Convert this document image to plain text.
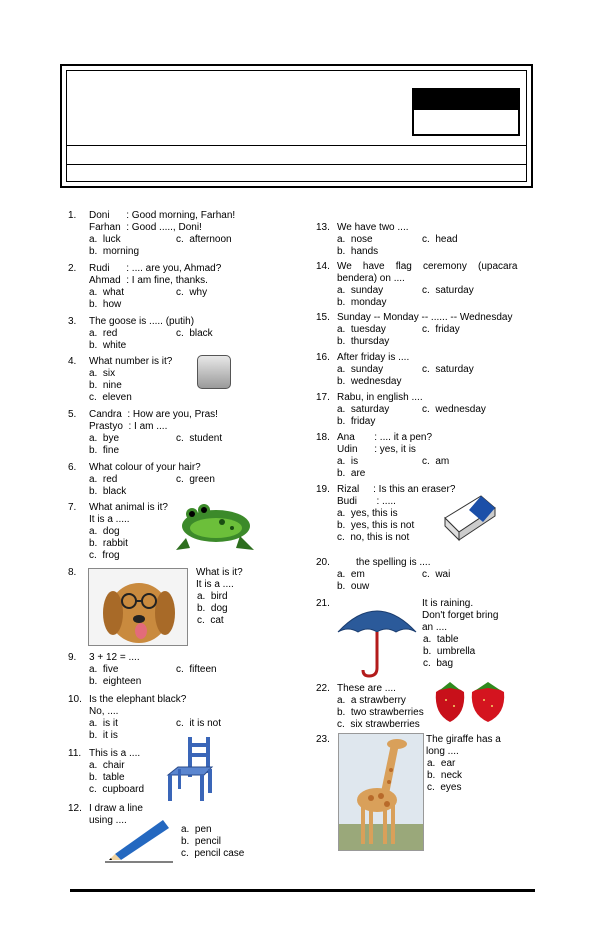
1. Doni      : Good morning, Farhan!
Farhan  : Good ....., Doni!
a.  luck	c.  afternoon
b.  morning
2. Rudi      : .... are you, Ahmad?
Ahmad  : I am fine, thanks.
a.  what	c.  why
b.  how
3. The goose is ..... (putih)
a.  red	c.  black
b.  white
4. What number is it?
a.  six
b.  nine
c.  eleven
5. Candra  : How are you, Pras!
Prastyo  : I am ....
a.  bye	c.  student
b.  fine
6. What colour of your hair?
a.  red	c.  green
b.  black
7. What animal is it?
It is a .....
a.  dog
b.  rabbit
c.  frog
8.	What is it?
It is a ....
a.  bird
b.  dog
c.  cat
9. 3 + 12 = ....
a.  five	c.  fifteen
b.  eighteen
10. Is the elephant black?
No, ....
a.  is it	c.  it is not
b.  it is
11. This is a ....
a.  chair
b.  table
c.  cupboard
12. I draw a line
using ....
a.  pen
b.  pencil
c.  pencil case
13. We have two ....
a.  nose	c.  head
b.  hands
14. We    have    flag    ceremony    (upacara
bendera) on ....
a.  sunday	c.  saturday
b.  monday
15. Sunday -- Monday -- ...... -- Wednesday
a.  tuesday	c.  friday
b.  thursday
16. After friday is ....
a.  sunday	c.  saturday
b.  wednesday
17. Rabu, in english ....
a.  saturday	c.  wednesday
b.  friday
18. Ana       : .... it a pen?
Udin      : yes, it is
a.  is	c.  am
b.  are
19. Rizal     : Is this an eraser?
Budi       : .....
a.  yes, this is
b.  yes, this is not
c.  no, this is not
20.	the spelling is ....
a.  em	c.  wai
b.  ouw
21.	It is raining.
Don't forget bring
an ....
a.  table
b.  umbrella
c.  bag
22. These are ....
a.  a strawberry
b.  two strawberries
c.  six strawberries
23.	The giraffe has a
long ....
a.  ear
b.  neck
c.  eyes
